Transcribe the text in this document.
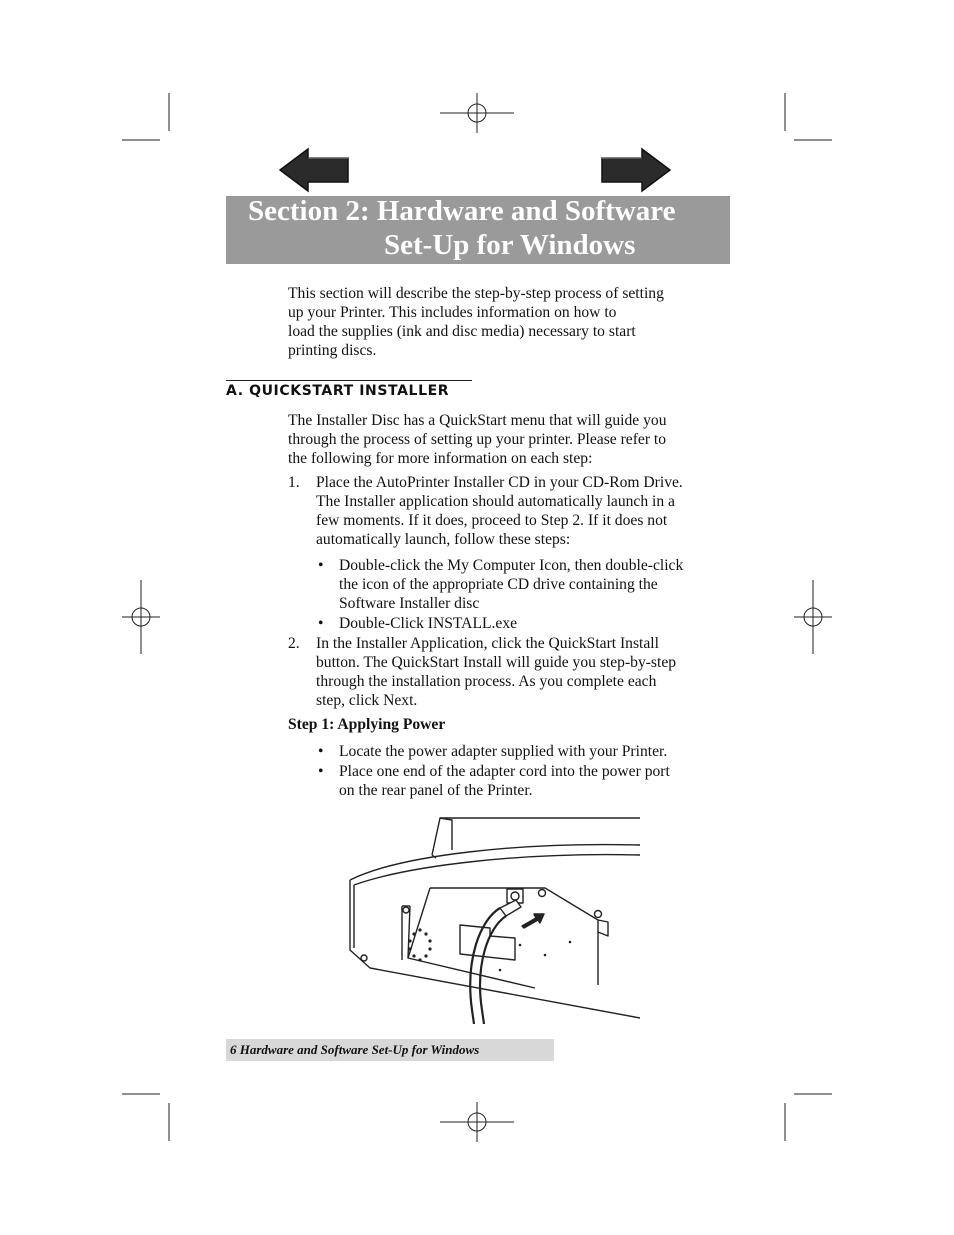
Section 2: Hardware and Software
Set-Up for Windows
This section will describe the step-by-step process of setting
up your Printer. This includes information on how to
load the supplies (ink and disc media) necessary to start
printing discs.
A. QUICKSTART INSTALLER
The Installer Disc has a QuickStart menu that will guide you
through the process of setting up your printer. Please refer to
the following for more information on each step:
1. Place the AutoPrinter Installer CD in your CD-Rom Drive.
The Installer application should automatically launch in a
few moments. If it does, proceed to Step 2. If it does not
automatically launch, follow these steps:
• Double-click the My Computer Icon, then double-click
the icon of the appropriate CD drive containing the
Software Installer disc
• Double-Click INSTALL.exe
2. In the Installer Application, click the QuickStart Install
button. The QuickStart Install will guide you step-by-step
through the installation process. As you complete each
step, click Next.
Step 1: Applying Power
• Locate the power adapter supplied with your Printer.
• Place one end of the adapter cord into the power port
on the rear panel of the Printer.
6 Hardware and Software Set-Up for Windows
